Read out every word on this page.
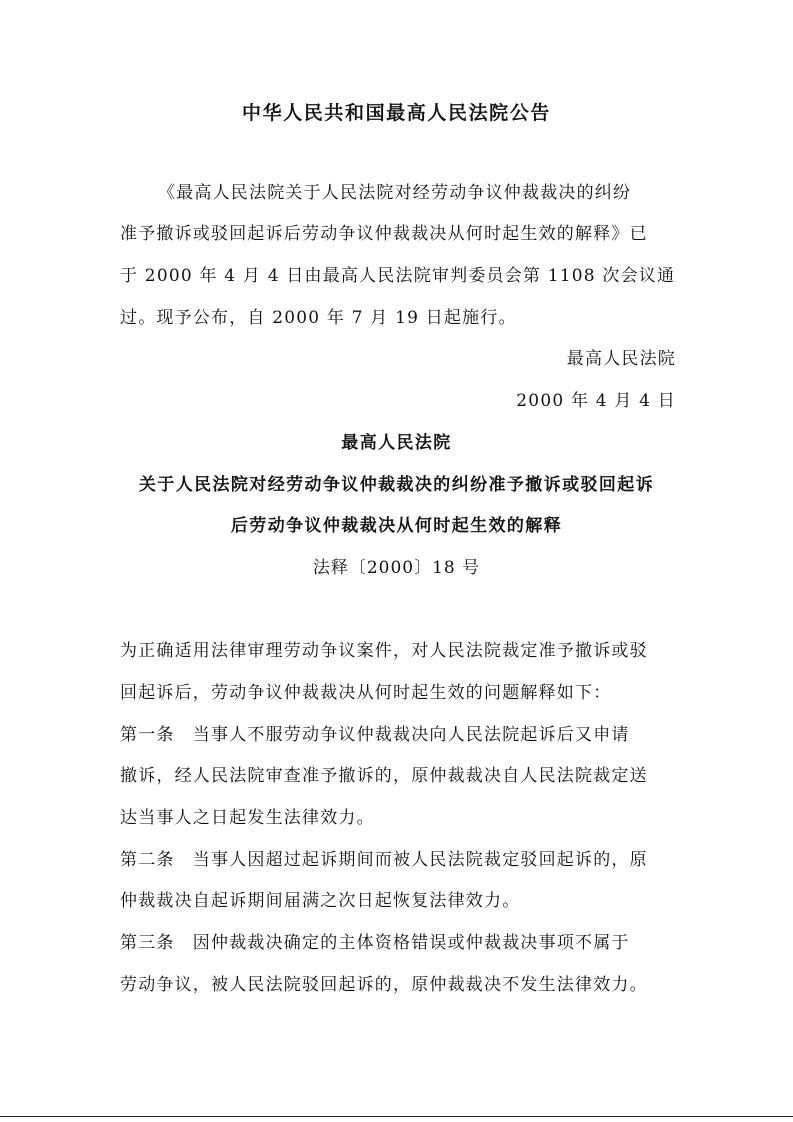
中华人民共和国最高人民法院公告
《最高人民法院关于人民法院对经劳动争议仲裁裁决的纠纷
准予撤诉或驳回起诉后劳动争议仲裁裁决从何时起生效的解释》已
于 2000 年 4 月 4 日由最高人民法院审判委员会第 1108 次会议通
过。现予公布，自 2000 年 7 月 19 日起施行。
最高人民法院
2000 年 4 月 4 日
最高人民法院
关于人民法院对经劳动争议仲裁裁决的纠纷准予撤诉或驳回起诉
后劳动争议仲裁裁决从何时起生效的解释
法释〔2000〕18 号
为正确适用法律审理劳动争议案件，对人民法院裁定准予撤诉或驳
回起诉后，劳动争议仲裁裁决从何时起生效的问题解释如下：
第一条　当事人不服劳动争议仲裁裁决向人民法院起诉后又申请
撤诉，经人民法院审查准予撤诉的，原仲裁裁决自人民法院裁定送
达当事人之日起发生法律效力。
第二条　当事人因超过起诉期间而被人民法院裁定驳回起诉的，原
仲裁裁决自起诉期间届满之次日起恢复法律效力。
第三条　因仲裁裁决确定的主体资格错误或仲裁裁决事项不属于
劳动争议，被人民法院驳回起诉的，原仲裁裁决不发生法律效力。
